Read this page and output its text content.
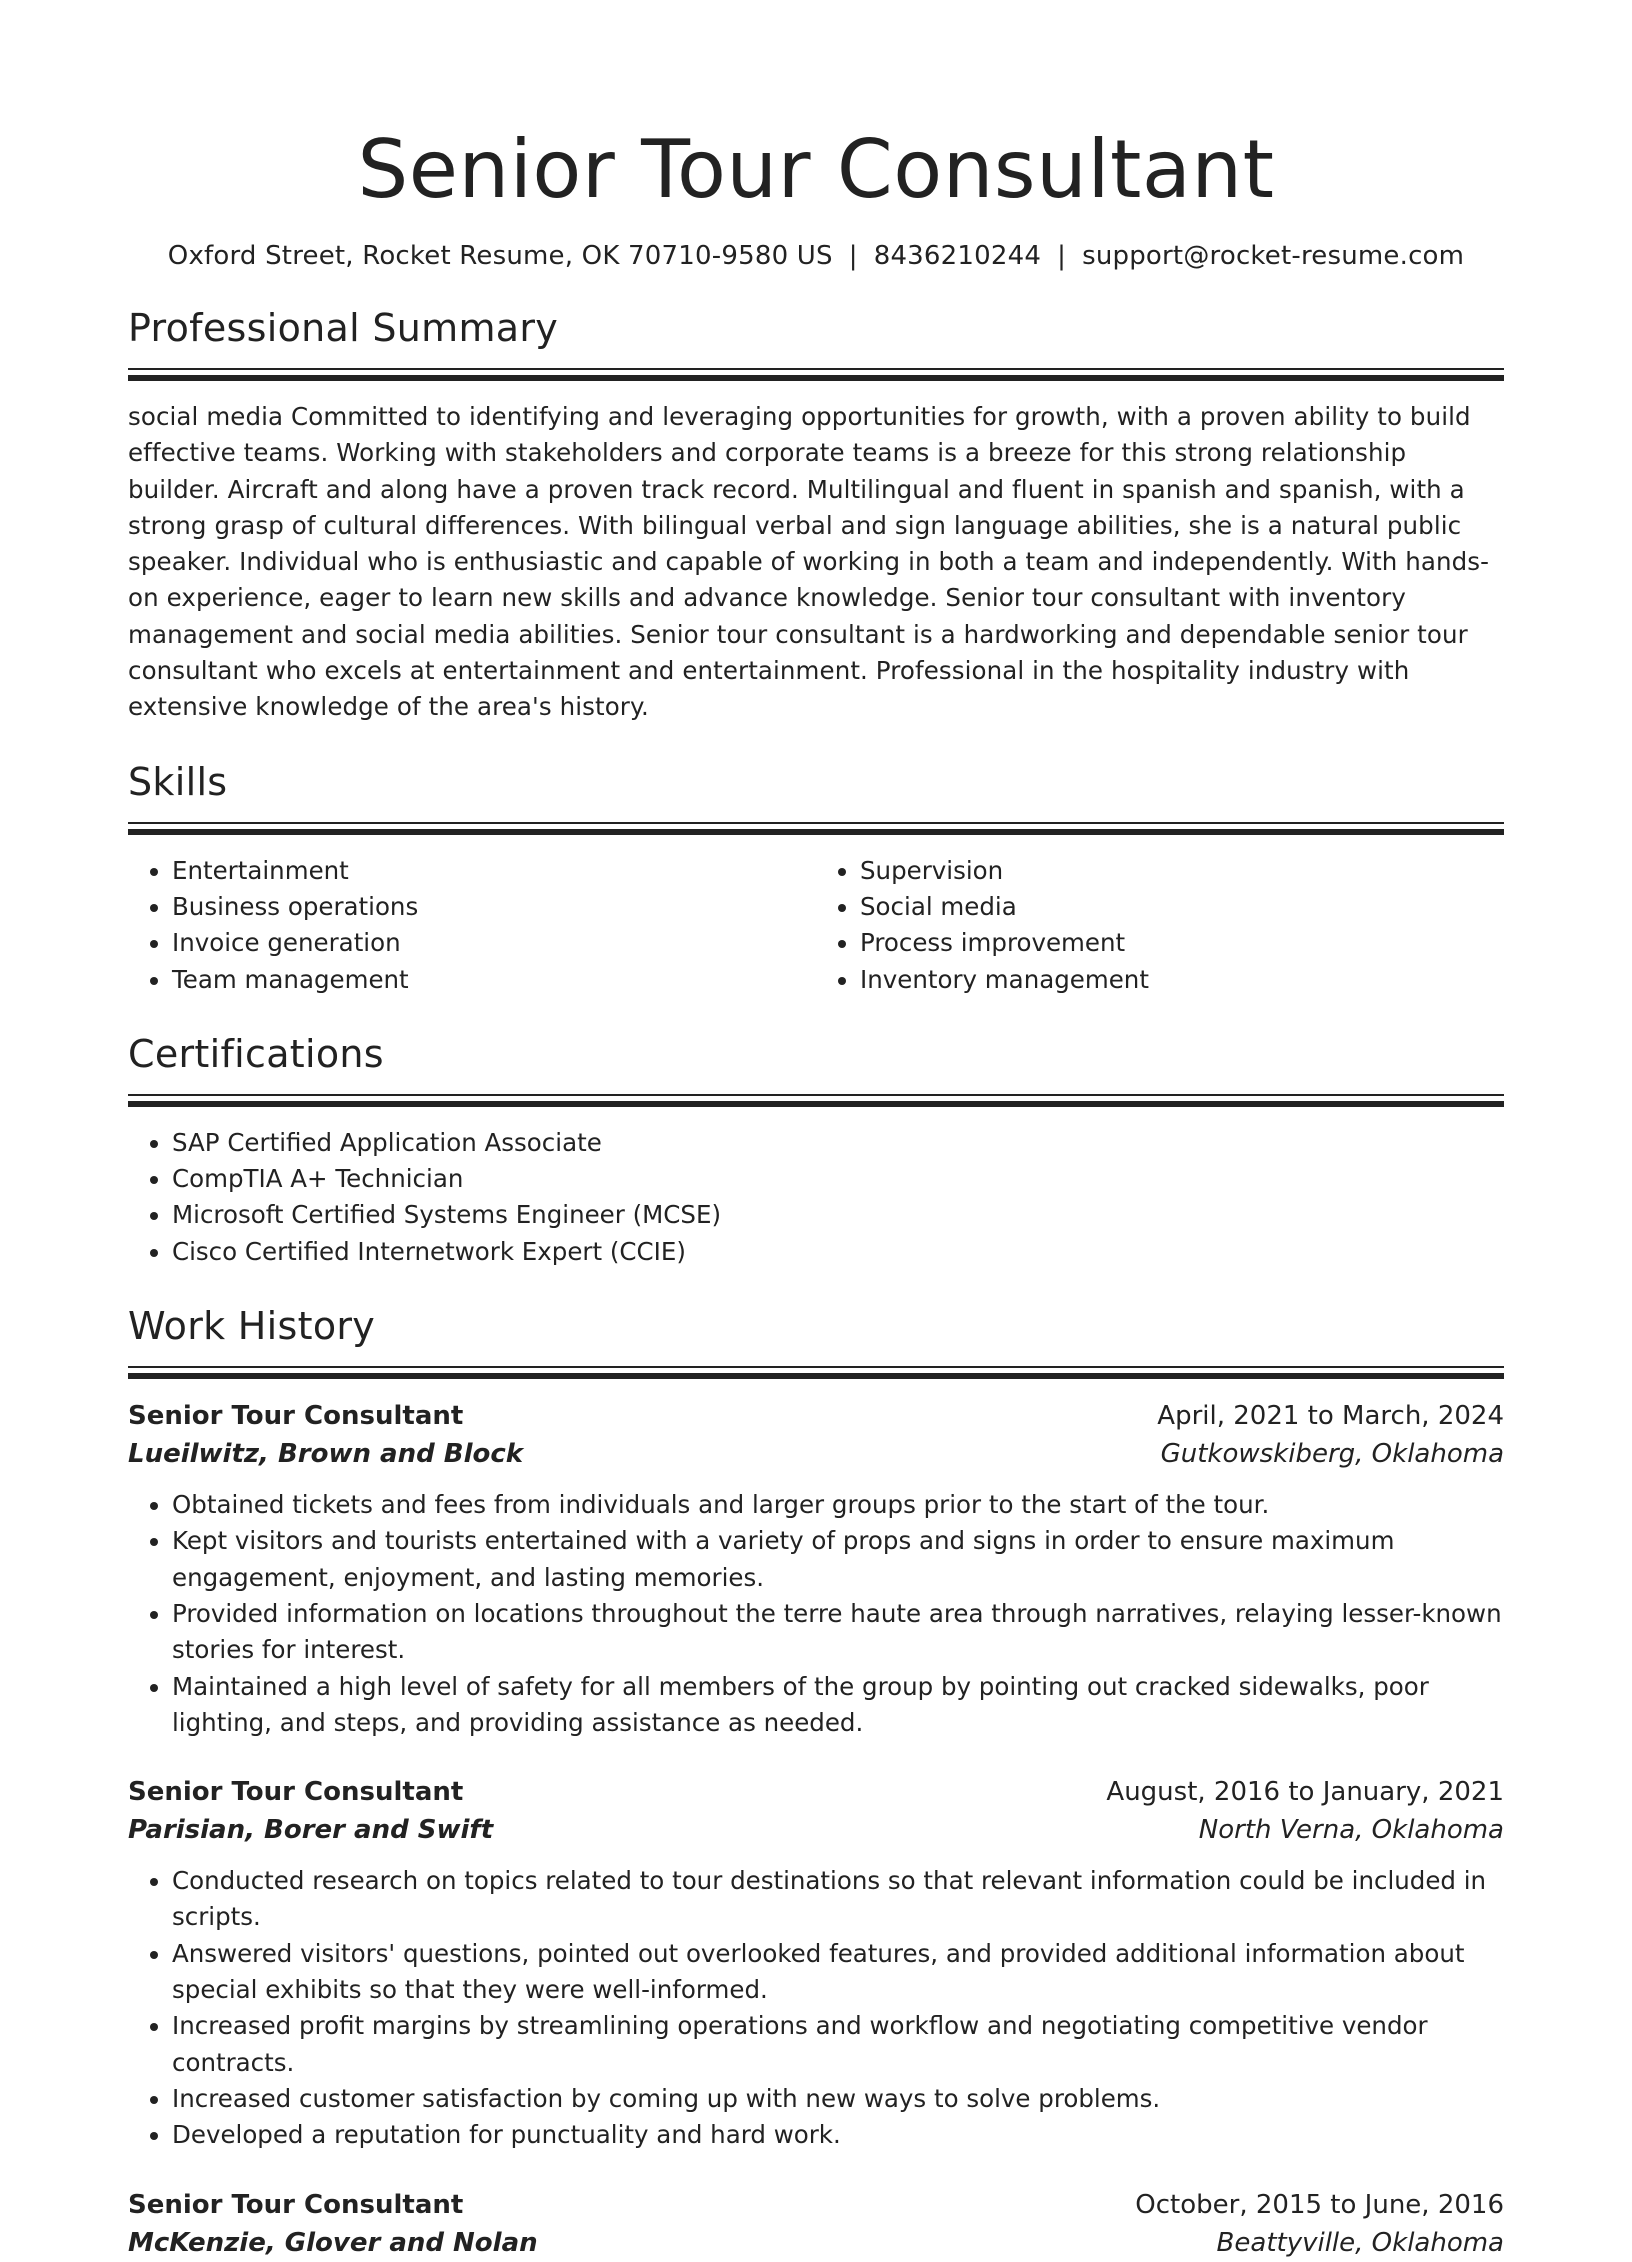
Senior Tour Consultant
Oxford Street, Rocket Resume, OK 70710-9580 US | 8436210244 | support@rocket-resume.com
Professional Summary

social media Committed to identifying and leveraging opportunities for growth, with a proven ability to build effective teams. Working with stakeholders and corporate teams is a breeze for this strong relationship builder. Aircraft and along have a proven track record. Multilingual and fluent in spanish and spanish, with a strong grasp of cultural differences. With bilingual verbal and sign language abilities, she is a natural public speaker. Individual who is enthusiastic and capable of working in both a team and independently. With hands-on experience, eager to learn new skills and advance knowledge. Senior tour consultant with inventory management and social media abilities. Senior tour consultant is a hardworking and dependable senior tour consultant who excels at entertainment and entertainment. Professional in the hospitality industry with extensive knowledge of the area's history.

Skills
• Entertainment
• Business operations
• Invoice generation
• Team management
• Supervision
• Social media
• Process improvement
• Inventory management
Certifications
• SAP Certified Application Associate
• CompTIA A+ Technician
• Microsoft Certified Systems Engineer (MCSE)
• Cisco Certified Internetwork Expert (CCIE)
Work History
Senior Tour Consultant	April, 2021 to March, 2024
Lueilwitz, Brown and Block	Gutkowskiberg, Oklahoma
• Obtained tickets and fees from individuals and larger groups prior to the start of the tour.
• Kept visitors and tourists entertained with a variety of props and signs in order to ensure maximum engagement, enjoyment, and lasting memories.
• Provided information on locations throughout the terre haute area through narratives, relaying lesser-known stories for interest.
• Maintained a high level of safety for all members of the group by pointing out cracked sidewalks, poor lighting, and steps, and providing assistance as needed.
Senior Tour Consultant	August, 2016 to January, 2021
Parisian, Borer and Swift	North Verna, Oklahoma
• Conducted research on topics related to tour destinations so that relevant information could be included in scripts.
• Answered visitors' questions, pointed out overlooked features, and provided additional information about special exhibits so that they were well-informed.
• Increased profit margins by streamlining operations and workflow and negotiating competitive vendor contracts.
• Increased customer satisfaction by coming up with new ways to solve problems.
• Developed a reputation for punctuality and hard work.
Senior Tour Consultant	October, 2015 to June, 2016
McKenzie, Glover and Nolan	Beattyville, Oklahoma
